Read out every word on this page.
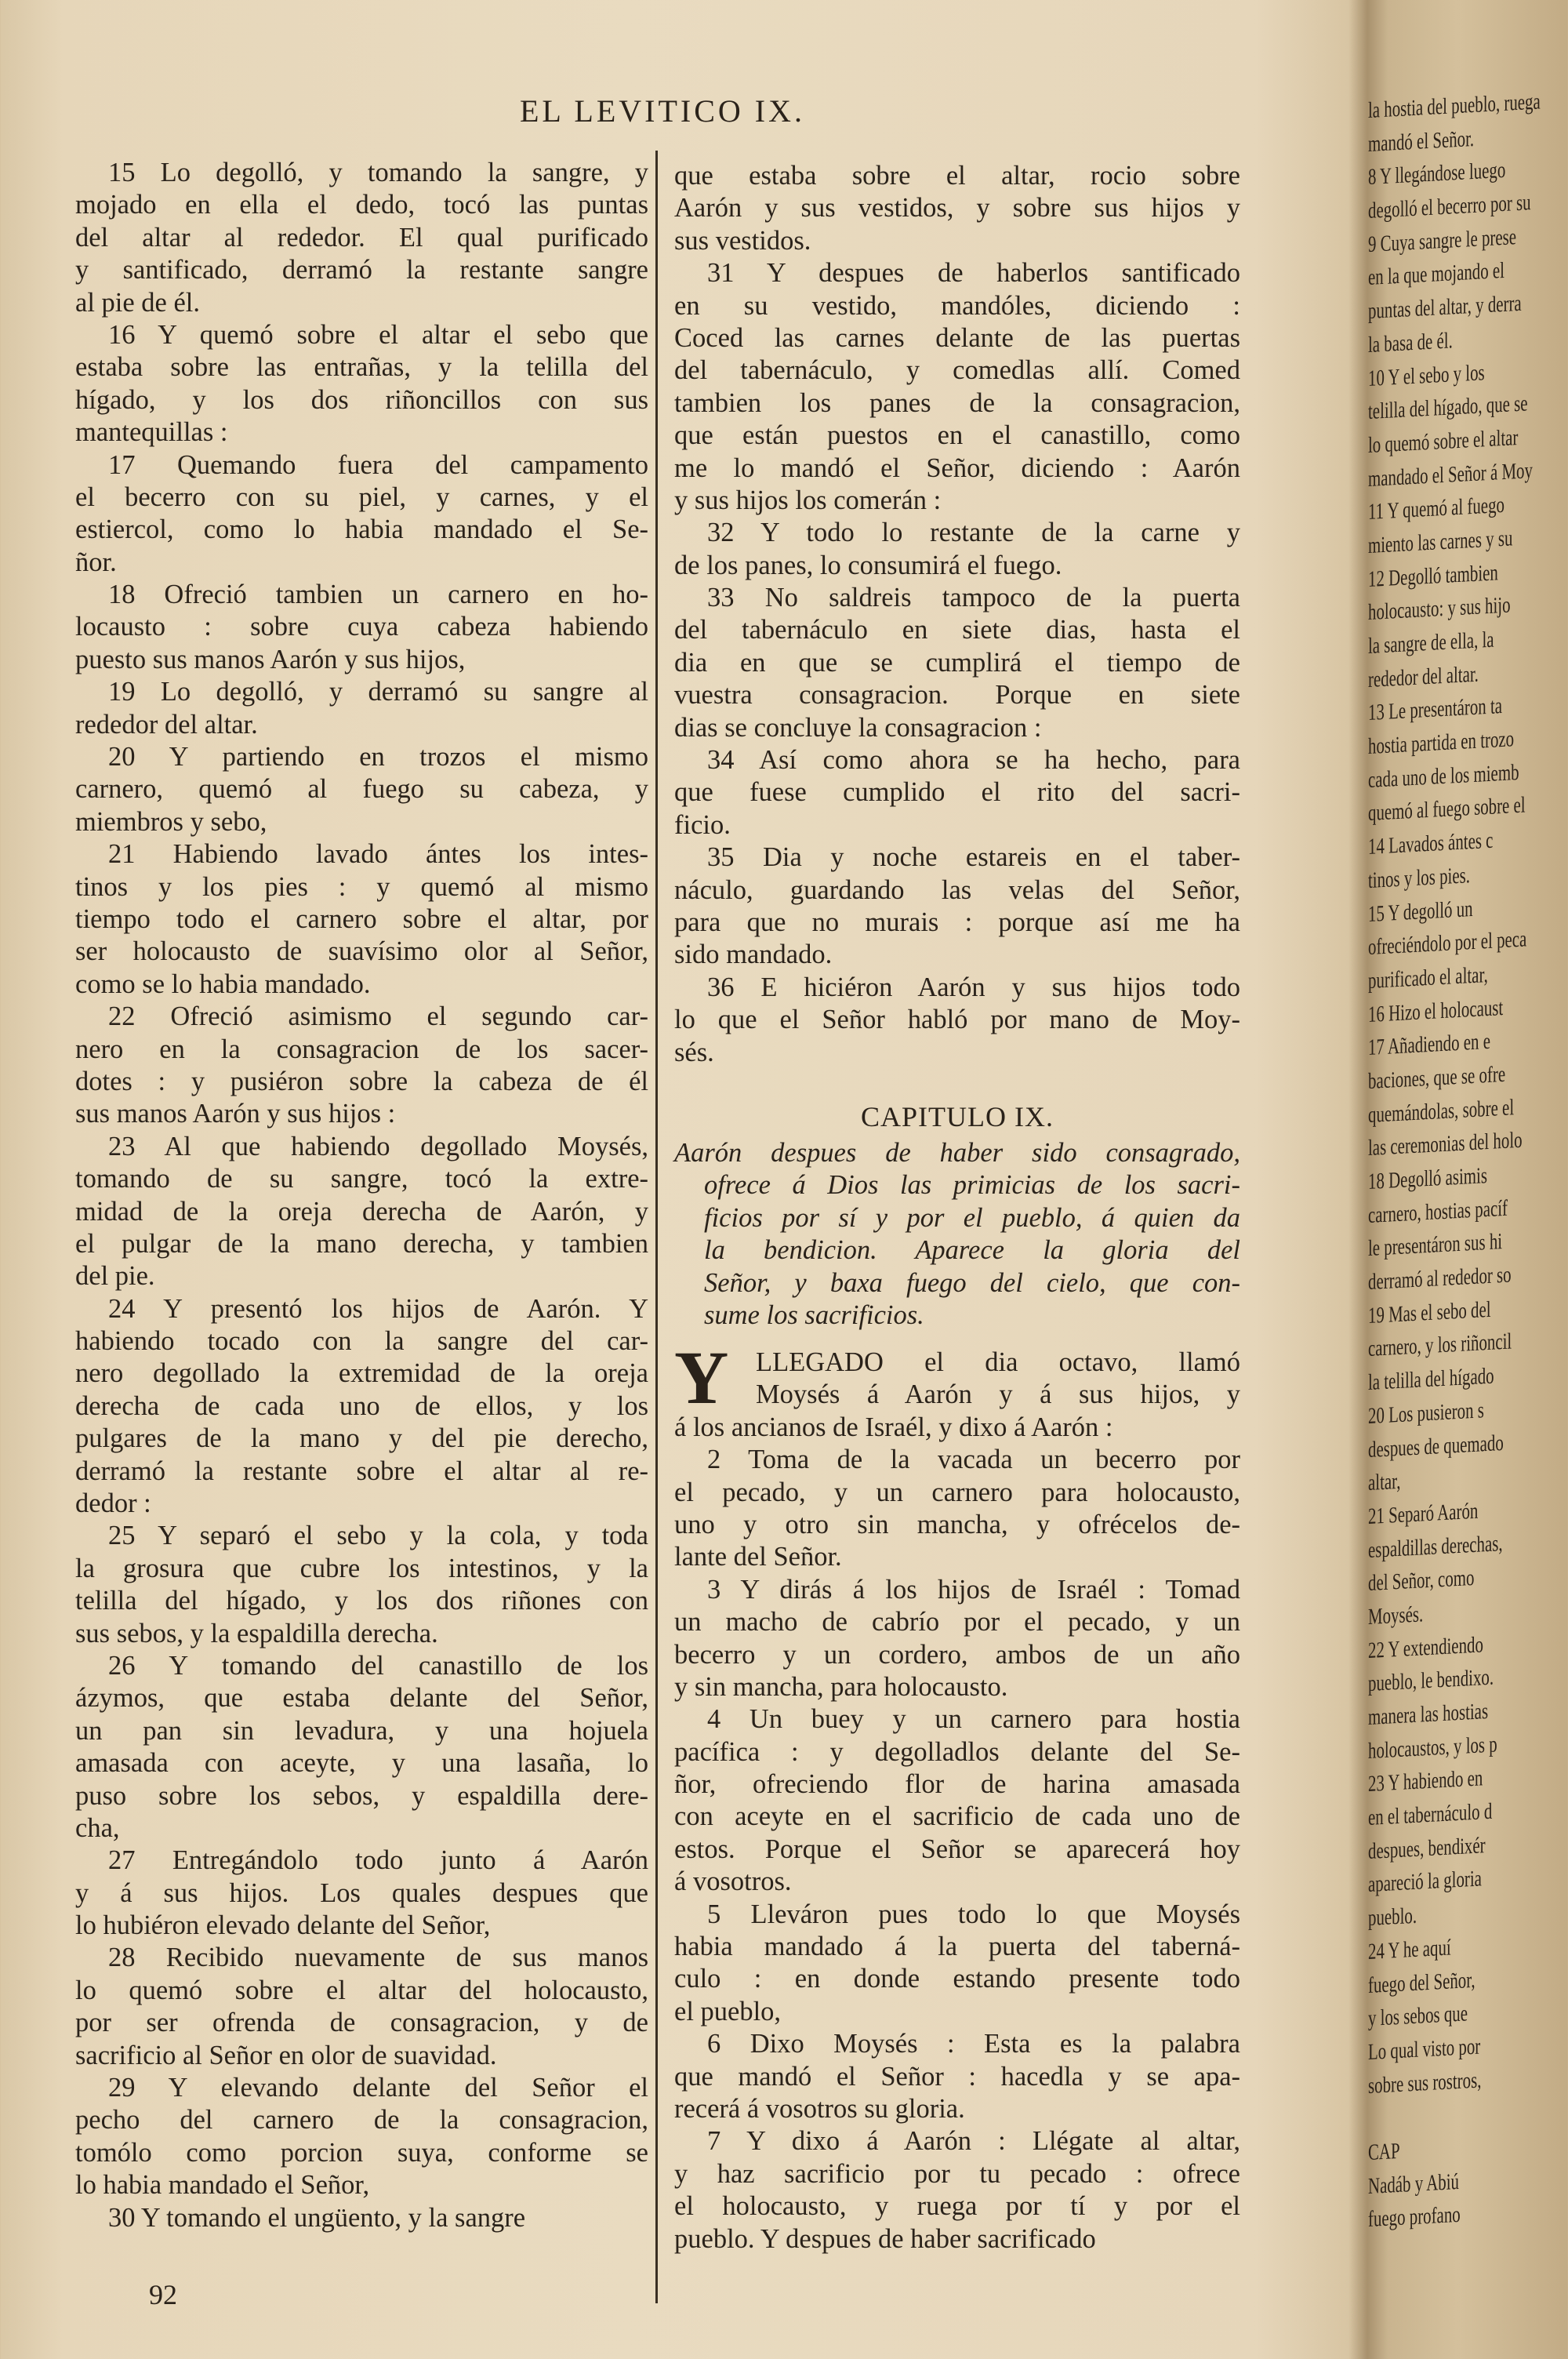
EL LEVITICO IX.
15 Lo degolló, y tomando la sangre, y
mojado en ella el dedo, tocó las puntas
del altar al rededor. El qual purificado
y santificado, derramó la restante sangre
al pie de él.
16 Y quemó sobre el altar el sebo que
estaba sobre las entrañas, y la telilla del
hígado, y los dos riñoncillos con sus
mantequillas :
17 Quemando fuera del campamento
el becerro con su piel, y carnes, y el
estiercol, como lo habia mandado el Se-
ñor.
18 Ofreció tambien un carnero en ho-
locausto : sobre cuya cabeza habiendo
puesto sus manos Aarón y sus hijos,
19 Lo degolló, y derramó su sangre al
rededor del altar.
20 Y partiendo en trozos el mismo
carnero, quemó al fuego su cabeza, y
miembros y sebo,
21 Habiendo lavado ántes los intes-
tinos y los pies : y quemó al mismo
tiempo todo el carnero sobre el altar, por
ser holocausto de suavísimo olor al Señor,
como se lo habia mandado.
22 Ofreció asimismo el segundo car-
nero en la consagracion de los sacer-
dotes : y pusiéron sobre la cabeza de él
sus manos Aarón y sus hijos :
23 Al que habiendo degollado Moysés,
tomando de su sangre, tocó la extre-
midad de la oreja derecha de Aarón, y
el pulgar de la mano derecha, y tambien
del pie.
24 Y presentó los hijos de Aarón. Y
habiendo tocado con la sangre del car-
nero degollado la extremidad de la oreja
derecha de cada uno de ellos, y los
pulgares de la mano y del pie derecho,
derramó la restante sobre el altar al re-
dedor :
25 Y separó el sebo y la cola, y toda
la grosura que cubre los intestinos, y la
telilla del hígado, y los dos riñones con
sus sebos, y la espaldilla derecha.
26 Y tomando del canastillo de los
ázymos, que estaba delante del Señor,
un pan sin levadura, y una hojuela
amasada con aceyte, y una lasaña, lo
puso sobre los sebos, y espaldilla dere-
cha,
27 Entregándolo todo junto á Aarón
y á sus hijos. Los quales despues que
lo hubiéron elevado delante del Señor,
28 Recibido nuevamente de sus manos
lo quemó sobre el altar del holocausto,
por ser ofrenda de consagracion, y de
sacrificio al Señor en olor de suavidad.
29 Y elevando delante del Señor el
pecho del carnero de la consagracion,
tomólo como porcion suya, conforme se
lo habia mandado el Señor,
30 Y tomando el ungüento, y la sangre
que estaba sobre el altar, rocio sobre
Aarón y sus vestidos, y sobre sus hijos y
sus vestidos.
31 Y despues de haberlos santificado
en su vestido, mandóles, diciendo :
Coced las carnes delante de las puertas
del tabernáculo, y comedlas allí. Comed
tambien los panes de la consagracion,
que están puestos en el canastillo, como
me lo mandó el Señor, diciendo : Aarón
y sus hijos los comerán :
32 Y todo lo restante de la carne y
de los panes, lo consumirá el fuego.
33 No saldreis tampoco de la puerta
del tabernáculo en siete dias, hasta el
dia en que se cumplirá el tiempo de
vuestra consagracion. Porque en siete
dias se concluye la consagracion :
34 Así como ahora se ha hecho, para
que fuese cumplido el rito del sacri-
ficio.
35 Dia y noche estareis en el taber-
náculo, guardando las velas del Señor,
para que no murais : porque así me ha
sido mandado.
36 E hiciéron Aarón y sus hijos todo
lo que el Señor habló por mano de Moy-
sés.
CAPITULO IX.
Aarón despues de haber sido consagrado,
ofrece á Dios las primicias de los sacri-
ficios por sí y por el pueblo, á quien da
la bendicion. Aparece la gloria del
Señor, y baxa fuego del cielo, que con-
sume los sacrificios.
Y LLEGADO el dia octavo, llamó
Moysés á Aarón y á sus hijos, y
á los ancianos de Israél, y dixo á Aarón :
2 Toma de la vacada un becerro por
el pecado, y un carnero para holocausto,
uno y otro sin mancha, y ofrécelos de-
lante del Señor.
3 Y dirás á los hijos de Israél : Tomad
un macho de cabrío por el pecado, y un
becerro y un cordero, ambos de un año
y sin mancha, para holocausto.
4 Un buey y un carnero para hostia
pacífica : y degolladlos delante del Se-
ñor, ofreciendo flor de harina amasada
con aceyte en el sacrificio de cada uno de
estos. Porque el Señor se aparecerá hoy
á vosotros.
5 Lleváron pues todo lo que Moysés
habia mandado á la puerta del taberná-
culo : en donde estando presente todo
el pueblo,
6 Dixo Moysés : Esta es la palabra
que mandó el Señor : hacedla y se apa-
recerá á vosotros su gloria.
7 Y dixo á Aarón : Llégate al altar,
y haz sacrificio por tu pecado : ofrece
el holocausto, y ruega por tí y por el
pueblo. Y despues de haber sacrificado
92
la hostia del pueblo, ruega
mandó el Señor.
8 Y llegándose luego
degolló el becerro por su
9 Cuya sangre le prese
en la que mojando el
puntas del altar, y derra
la basa de él.
10 Y el sebo y los
telilla del hígado, que se
lo quemó sobre el altar
mandado el Señor á Moy
11 Y quemó al fuego
miento las carnes y su
12 Degolló tambien
holocausto: y sus hijo
la sangre de ella, la
rededor del altar.
13 Le presentáron ta
hostia partida en trozo
cada uno de los miemb
quemó al fuego sobre el
14 Lavados ántes c
tinos y los pies.
15 Y degolló un
ofreciéndolo por el peca
purificado el altar,
16 Hizo el holocaust
17 Añadiendo en e
baciones, que se ofre
quemándolas, sobre el
las ceremonias del holo
18 Degolló asimis
carnero, hostias pacíf
le presentáron sus hi
derramó al rededor so
19 Mas el sebo del
carnero, y los riñoncil
la telilla del hígado
20 Los pusieron s
despues de quemado
altar,
21 Separó Aarón
espaldillas derechas,
del Señor, como
Moysés.
22 Y extendiendo
pueblo, le bendixo.
manera las hostias
holocaustos, y los p
23 Y habiendo en
en el tabernáculo d
despues, bendixér
apareció la gloria
pueblo.
24 Y he aquí
fuego del Señor,
y los sebos que
Lo qual visto por
sobre sus rostros,
CAP
Nadáb y Abiú
fuego profano
